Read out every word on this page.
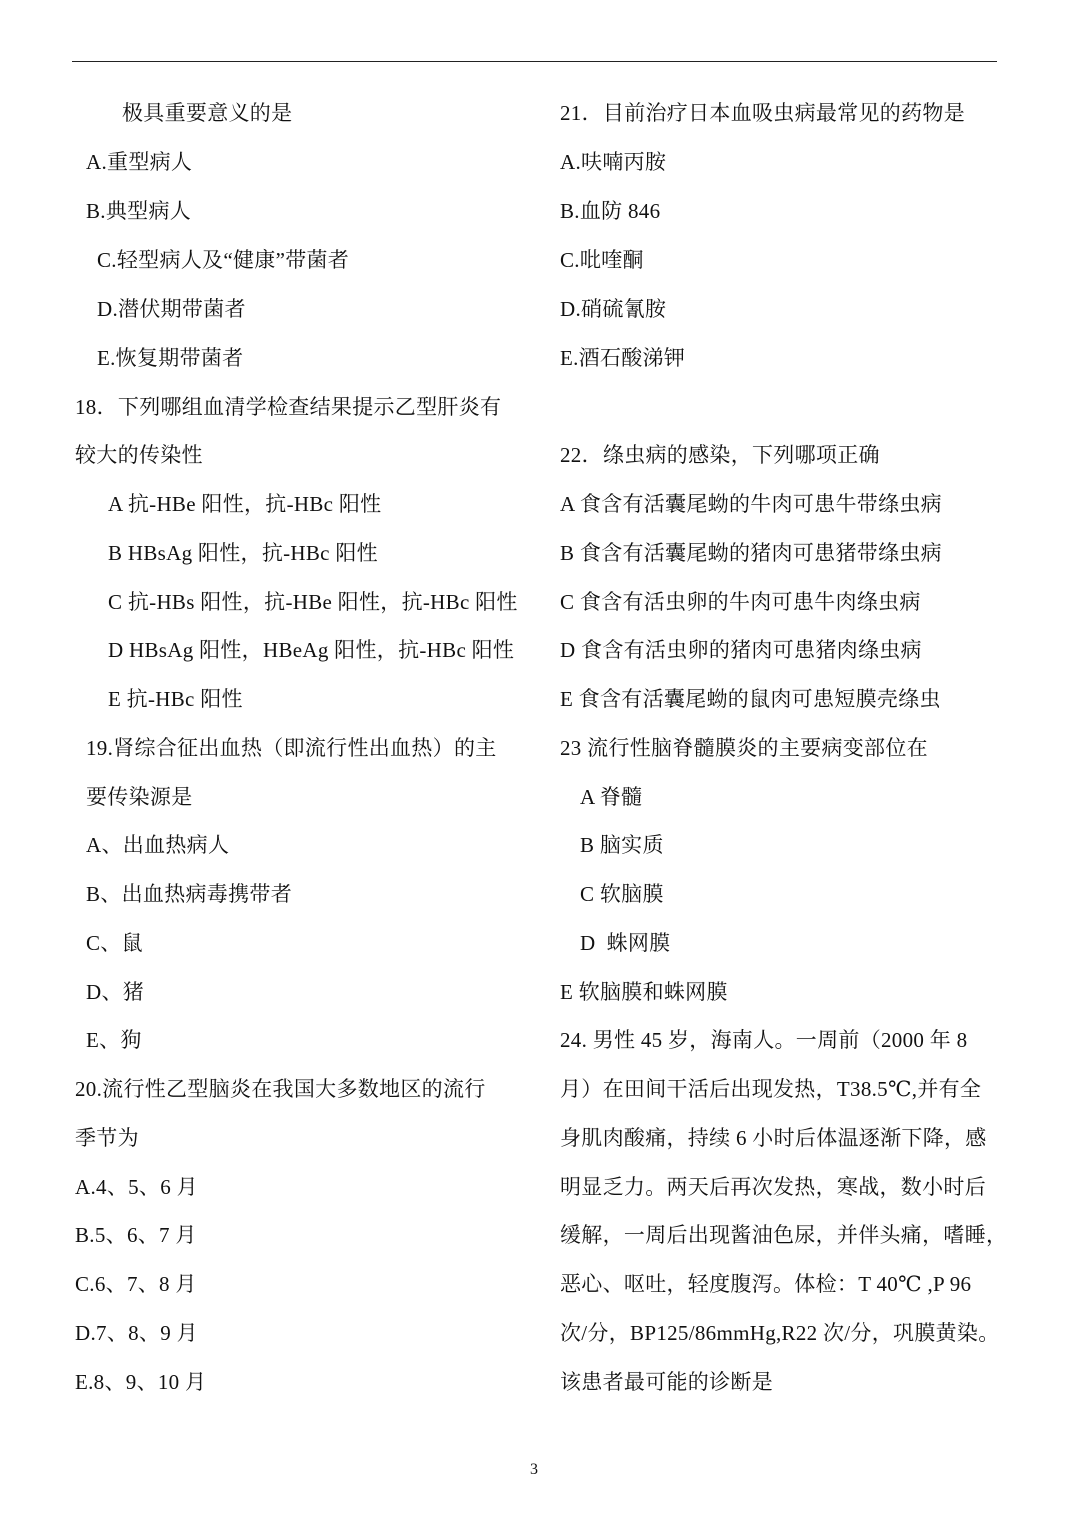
极具重要意义的是
A.重型病人
B.典型病人
C.轻型病人及“健康”带菌者
D.潜伏期带菌者
E.恢复期带菌者
18．下列哪组血清学检查结果提示乙型肝炎有
较大的传染性
A 抗-HBe 阳性，抗-HBc 阳性
B HBsAg 阳性，抗-HBc 阳性
C 抗-HBs 阳性，抗-HBe 阳性，抗-HBc 阳性
D HBsAg 阳性，HBeAg 阳性，抗-HBc 阳性
E 抗-HBc 阳性
19.肾综合征出血热（即流行性出血热）的主
要传染源是
A、出血热病人
B、出血热病毒携带者
C、鼠
D、猪
E、狗
20.流行性乙型脑炎在我国大多数地区的流行
季节为
A.4、5、6 月
B.5、6、7 月
C.6、7、8 月
D.7、8、9 月
E.8、9、10 月
21．目前治疗日本血吸虫病最常见的药物是
A.呋喃丙胺
B.血防 846
C.吡喹酮
D.硝硫氰胺
E.酒石酸涕钾
22．绦虫病的感染，下列哪项正确
A 食含有活囊尾蚴的牛肉可患牛带绦虫病
B 食含有活囊尾蚴的猪肉可患猪带绦虫病
C 食含有活虫卵的牛肉可患牛肉绦虫病
D 食含有活虫卵的猪肉可患猪肉绦虫病
E 食含有活囊尾蚴的鼠肉可患短膜壳绦虫
23 流行性脑脊髓膜炎的主要病变部位在
A 脊髓
B 脑实质
C 软脑膜
D  蛛网膜
E 软脑膜和蛛网膜
24. 男性 45 岁，海南人。一周前（2000 年 8
月）在田间干活后出现发热，T38.5℃,并有全
身肌肉酸痛，持续 6 小时后体温逐渐下降，感
明显乏力。两天后再次发热，寒战，数小时后
缓解，一周后出现酱油色尿，并伴头痛，嗜睡，
恶心、呕吐，轻度腹泻。体检：T 40℃ ,P 96
次/分，BP125/86mmHg,R22 次/分，巩膜黄染。
该患者最可能的诊断是
3
